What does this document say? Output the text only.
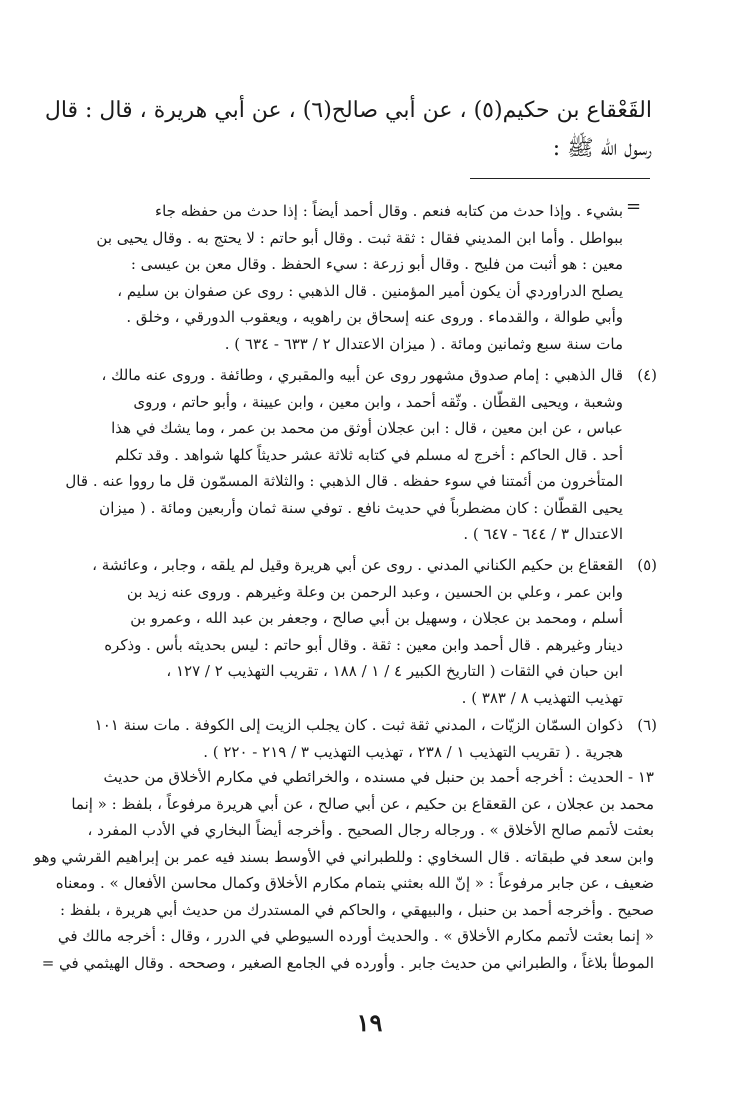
القَعْقاع بن حكيم(٥) ، عن أبي صالح(٦) ، عن أبي هريرة ، قال : قال
رسول الله ﷺ :
=
بشيء . وإذا حدث من كتابه فنعم . وقال أحمد أيضاً : إذا حدث من حفظه جاء
ببواطل . وأما ابن المديني فقال : ثقة ثبت . وقال أبو حاتم : لا يحتج به . وقال يحيى بن
معين : هو أثبت من فليح . وقال أبو زرعة : سيء الحفظ . وقال معن بن عيسى :
يصلح الدراوردي أن يكون أمير المؤمنين . قال الذهبي : روى عن صفوان بن سليم ،
وأبي طوالة ، والقدماء . وروى عنه إسحاق بن راهويه ، ويعقوب الدورقي ، وخلق .
مات سنة سبع وثمانين ومائة . ( ميزان الاعتدال ٢ / ٦٣٣ - ٦٣٤ ) .
(٤)
قال الذهبي : إمام صدوق مشهور روى عن أبيه والمقبري ، وطائفة . وروى عنه مالك ،
وشعبة ، ويحيى القطّان . وثّقه أحمد ، وابن معين ، وابن عيينة ، وأبو حاتم ، وروى
عباس ، عن ابن معين ، قال : ابن عجلان أوثق من محمد بن عمر ، وما يشك في هذا
أحد . قال الحاكم : أخرج له مسلم في كتابه ثلاثة عشر حديثاً كلها شواهد . وقد تكلم
المتأخرون من أئمتنا في سوء حفظه . قال الذهبي : والثلاثة المسمّون قل ما رووا عنه . قال
يحيى القطّان : كان مضطرباً في حديث نافع . توفي سنة ثمان وأربعين ومائة . ( ميزان
الاعتدال ٣ / ٦٤٤ - ٦٤٧ ) .
(٥)
القعقاع بن حكيم الكناني المدني . روى عن أبي هريرة وقيل لم يلقه ، وجابر ، وعائشة ،
وابن عمر ، وعلي بن الحسين ، وعبد الرحمن بن وعلة وغيرهم . وروى عنه زيد بن
أسلم ، ومحمد بن عجلان ، وسهيل بن أبي صالح ، وجعفر بن عبد الله ، وعمرو بن
دينار وغيرهم . قال أحمد وابن معين : ثقة . وقال أبو حاتم : ليس بحديثه بأس . وذكره
ابن حبان في الثقات ( التاريخ الكبير ٤ / ١ / ١٨٨ ، تقريب التهذيب ٢ / ١٢٧ ،
تهذيب التهذيب ٨ / ٣٨٣ ) .
(٦)
ذكوان السمّان الزيّات ، المدني ثقة ثبت . كان يجلب الزيت إلى الكوفة . مات سنة ١٠١
هجرية . ( تقريب التهذيب ١ / ٢٣٨ ، تهذيب التهذيب ٣ / ٢١٩ - ٢٢٠ ) .
١٣ - الحديث : أخرجه أحمد بن حنبل في مسنده ، والخرائطي في مكارم الأخلاق من حديث
محمد بن عجلان ، عن القعقاع بن حكيم ، عن أبي صالح ، عن أبي هريرة مرفوعاً ، بلفظ : « إنما
بعثت لأتمم صالح الأخلاق » . ورجاله رجال الصحيح . وأخرجه أيضاً البخاري في الأدب المفرد ،
وابن سعد في طبقاته . قال السخاوي : وللطبراني في الأوسط بسند فيه عمر بن إبراهيم القرشي وهو
ضعيف ، عن جابر مرفوعاً : « إنّ الله بعثني بتمام مكارم الأخلاق وكمال محاسن الأفعال » . ومعناه
صحيح . وأخرجه أحمد بن حنبل ، والبيهقي ، والحاكم في المستدرك من حديث أبي هريرة ، بلفظ :
« إنما بعثت لأتمم مكارم الأخلاق » . والحديث أورده السيوطي في الدرر ، وقال : أخرجه مالك في
الموطأ بلاغاً ، والطبراني من حديث جابر . وأورده في الجامع الصغير ، وصححه . وقال الهيثمي في =
١٩
